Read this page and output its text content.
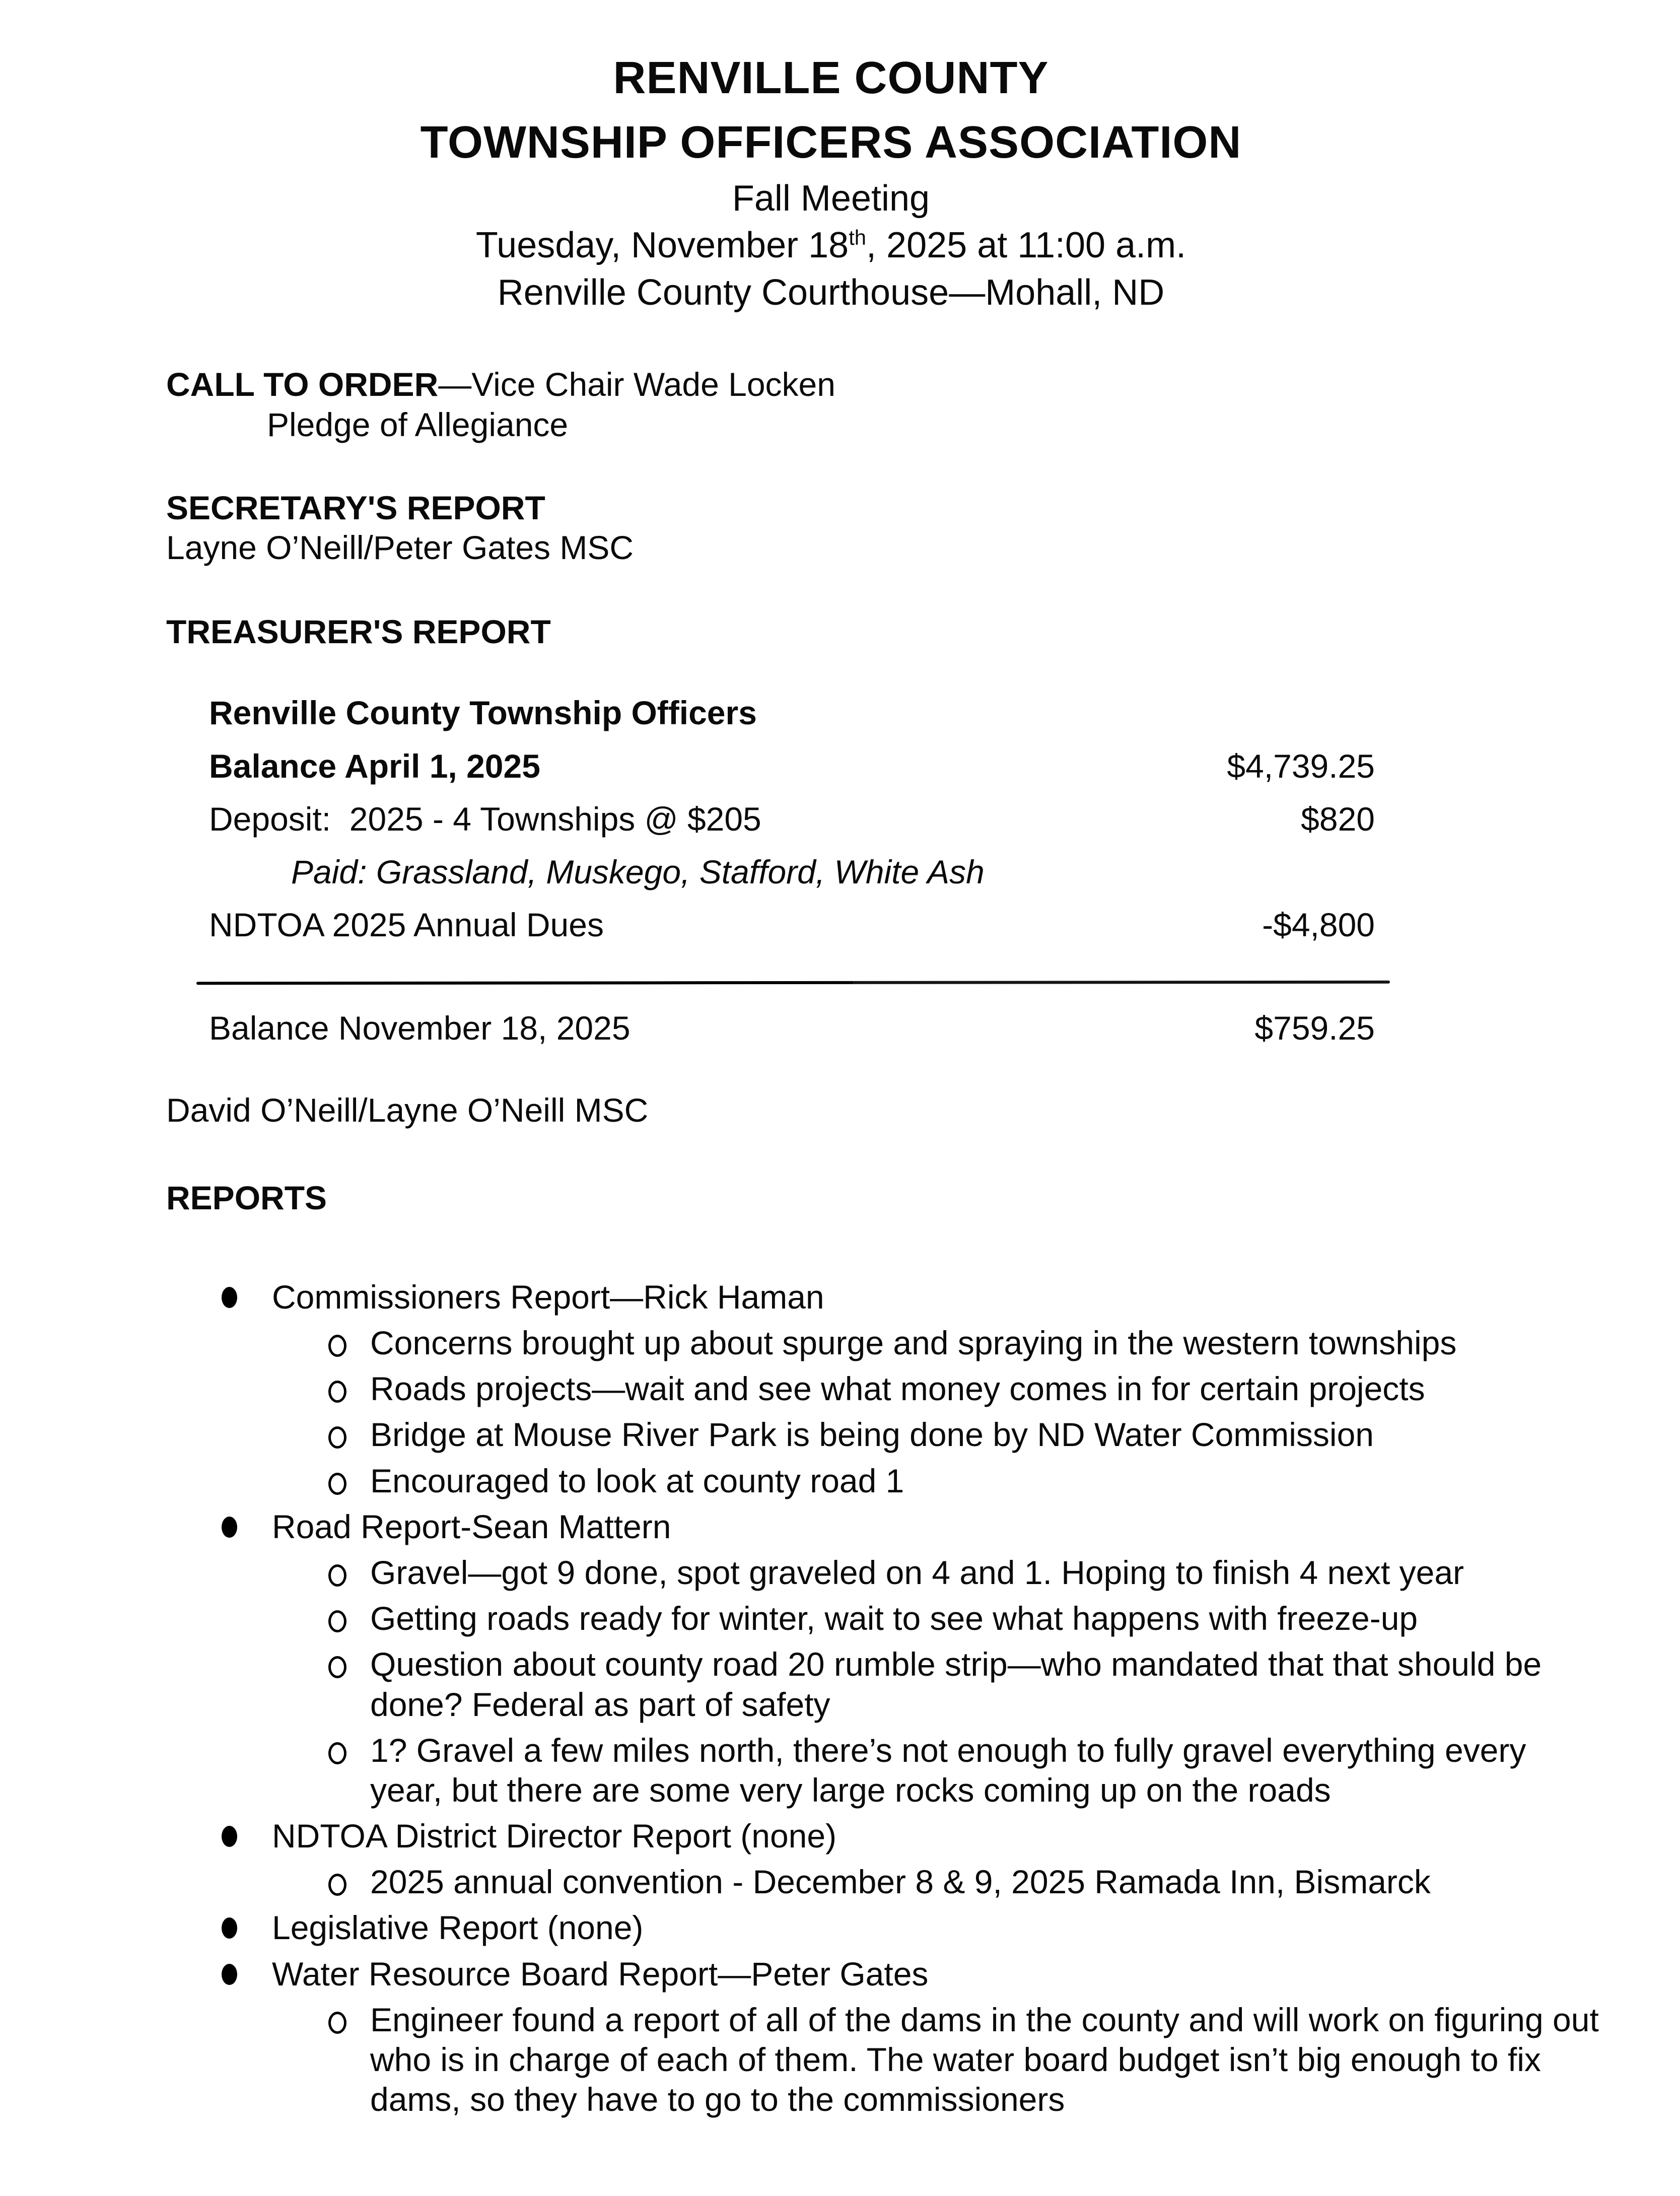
RENVILLE COUNTY
TOWNSHIP OFFICERS ASSOCIATION
Fall Meeting
Tuesday, November 18th, 2025 at 11:00 a.m.
Renville County Courthouse—Mohall, ND
CALL TO ORDER—Vice Chair Wade Locken
Pledge of Allegiance
SECRETARY'S REPORT
Layne O’Neill/Peter Gates MSC
TREASURER'S REPORT
Renville County Township Officers
Balance April 1, 2025	$4,739.25
Deposit:  2025 - 4 Townships @ $205	$820
Paid: Grassland, Muskego, Stafford, White Ash
NDTOA 2025 Annual Dues	-$4,800
Balance November 18, 2025	$759.25
David O’Neill/Layne O’Neill MSC
REPORTS
Commissioners Report—Rick Haman
Concerns brought up about spurge and spraying in the western townships
Roads projects—wait and see what money comes in for certain projects
Bridge at Mouse River Park is being done by ND Water Commission
Encouraged to look at county road 1
Road Report-Sean Mattern
Gravel—got 9 done, spot graveled on 4 and 1. Hoping to finish 4 next year
Getting roads ready for winter, wait to see what happens with freeze-up
Question about county road 20 rumble strip—who mandated that that should be done? Federal as part of safety
1? Gravel a few miles north, there’s not enough to fully gravel everything every year, but there are some very large rocks coming up on the roads
NDTOA District Director Report (none)
2025 annual convention - December 8 & 9, 2025 Ramada Inn, Bismarck
Legislative Report (none)
Water Resource Board Report—Peter Gates
Engineer found a report of all of the dams in the county and will work on figuring out who is in charge of each of them. The water board budget isn’t big enough to fix dams, so they have to go to the commissioners
